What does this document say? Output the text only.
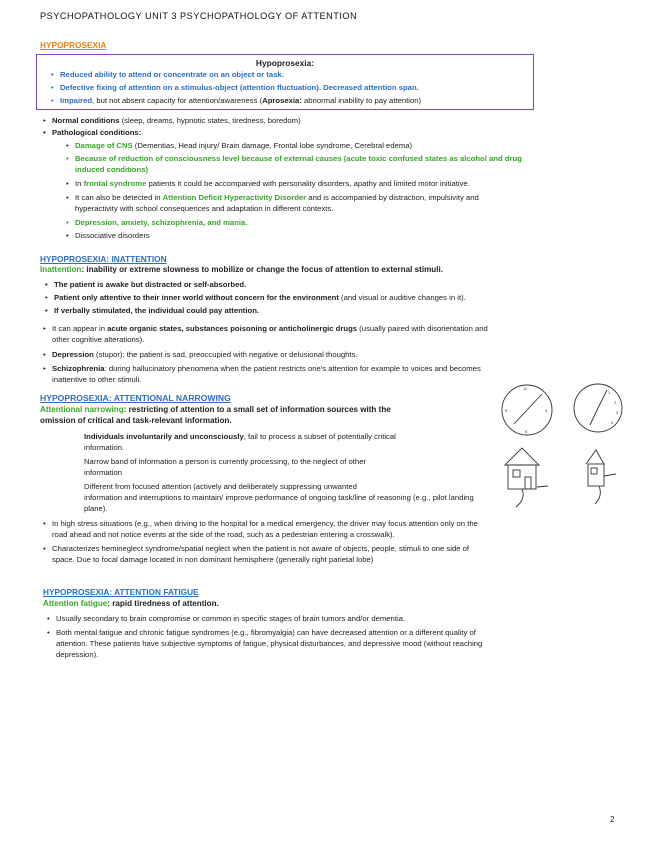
PSYCHOPATHOLOGY UNIT 3 PSYCHOPATHOLOGY OF ATTENTION
HYPOPROSEXIA
Hypoprosexia:
• Reduced ability to attend or concentrate on an object or task.
• Defective fixing of attention on a stimulus-object (attention fluctuation). Decreased attention span.
• Impaired, but not absent capacity for attention/awareness (Aprosexia: abnormal inability to pay attention)
• Normal conditions (sleep, dreams, hypnotic states, tiredness, boredom)
• Pathological conditions:
• Damage of CNS (Dementias, Head injury/ Brain damage, Frontal lobe syndrome, Cerebral edema)
• Because of reduction of consciousness level because of external causes (acute toxic confused states as alcohol and drug
induced conditions)
• In frontal syndrome patients it could be accompanied with personality disorders, apathy and limited motor initiative.
• It can also be detected in Attention Deficit Hyperactivity Disorder and is accompanied by distraction, impulsivity and
hyperactivity with school consequences and adaptation in different contexts.
• Depression, anxiety, schizophrenia, and mania.
• Dissociative disorders
HYPOPROSEXIA: INATTENTION
Inattention: inability or extreme slowness to mobilize or change the focus of attention to external stimuli.
• The patient is awake but distracted or self-absorbed.
• Patient only attentive to their inner world without concern for the environment (and visual or auditive changes in it).
• If verbally stimulated, the individual could pay attention.
• It can appear in acute organic states, substances poisoning or anticholinergic drugs (usually paired with disorientation and
other cognitive alterations).
• Depression (stupor): the patient is sad, preoccupied with negative or delusional thoughts.
• Schizophrenia: during hallucinatory phenomena when the patient restricts one's attention for example to voices and becomes
inattentive to other stimuli.
HYPOPROSEXIA: ATTENTIONAL NARROWING
Attentional narrowing: restricting of attention to a small set of information sources with the
omission of critical and task-relevant information.
Individuals involuntarily and unconsciously, fail to process a subset of potentially critical
information.
Narrow band of information a person is currently processing, to the neglect of other
information
Different from focused attention (actively and deliberately suppressing unwanted
information and interruptions to maintain/ improve performance of ongoing task/line of reasoning (e.g., pilot landing
plane).
• In high stress situations (e.g., when driving to the hospital for a medical emergency, the driver may focus attention only on the
road ahead and not notice events at the side of the road, such as a pedestrian entering a crosswalk).
• Characterizes hemineglect syndrome/spatial neglect when the patient is not aware of objects, people, stimuli to one side of
space. Due to focal damage located in non dominant hemisphere (generally right parietal lobe)
12
3
6
9
1
2
3
4
HYPOPROSEXIA: ATTENTION FATIGUE
Attention fatigue: rapid tiredness of attention.
• Usually secondary to brain compromise or common in specific stages of brain tumors and/or dementia.
• Both mental fatigue and chronic fatigue syndromes (e.g., fibromyalgia) can have decreased attention or a different quality of
attention. These patients have subjective symptoms of fatigue, physical disturbances, and depressive mood (without reaching
depression).
2
